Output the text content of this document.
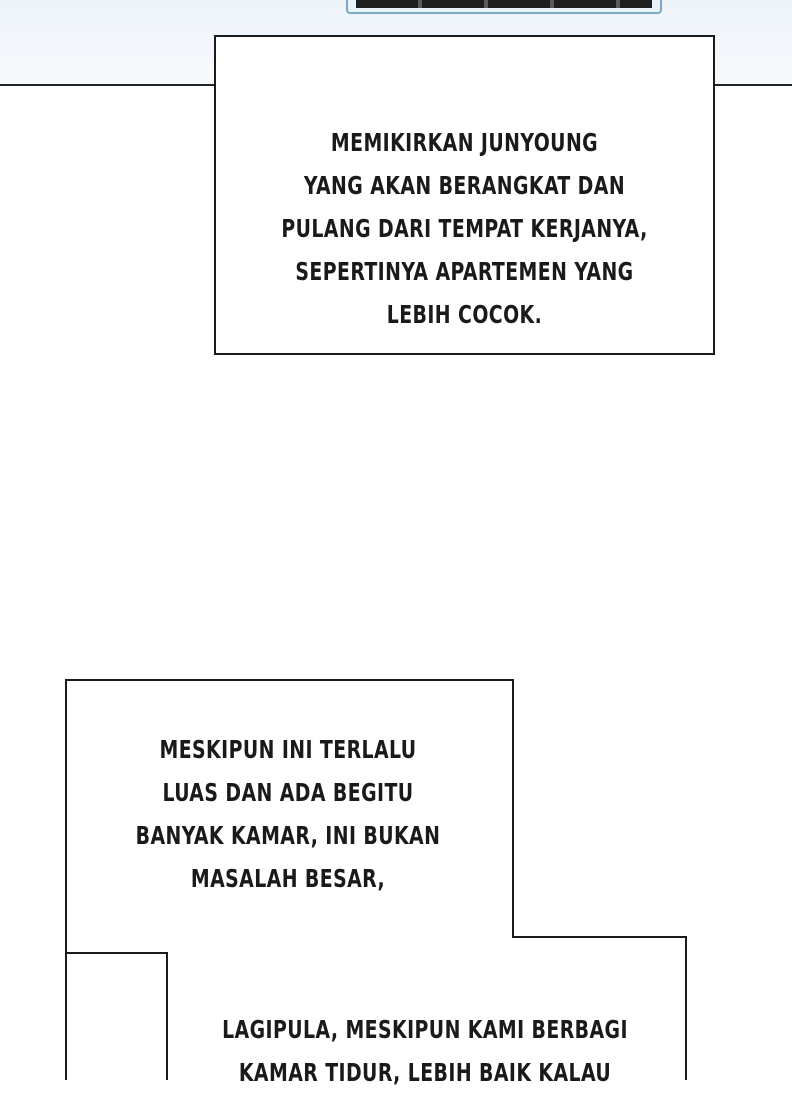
MEMIKIRKAN JUNYOUNG
YANG AKAN BERANGKAT DAN
PULANG DARI TEMPAT KERJANYA,
SEPERTINYA APARTEMEN YANG
LEBIH COCOK.

MESKIPUN INI TERLALU
LUAS DAN ADA BEGITU
BANYAK KAMAR, INI BUKAN
MASALAH BESAR,

LAGIPULA, MESKIPUN KAMI BERBAGI
KAMAR TIDUR, LEBIH BAIK KALAU
